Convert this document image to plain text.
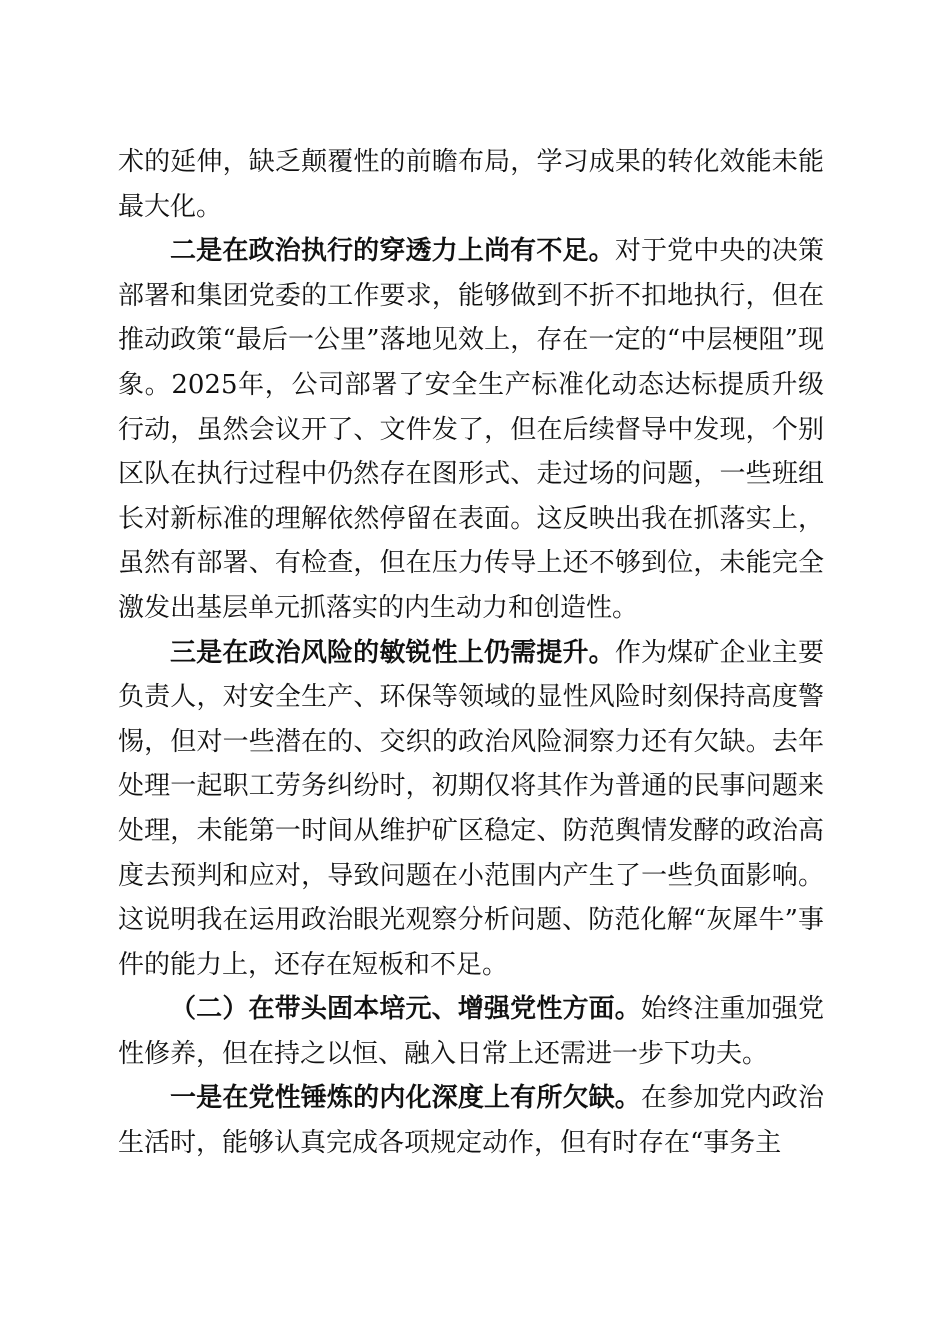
术的延伸，缺乏颠覆性的前瞻布局，学习成果的转化效能未能最大化。

二是在政治执行的穿透力上尚有不足。对于党中央的决策部署和集团党委的工作要求，能够做到不折不扣地执行，但在推动政策“最后一公里”落地见效上，存在一定的“中层梗阻”现象。2025年，公司部署了安全生产标准化动态达标提质升级行动，虽然会议开了、文件发了，但在后续督导中发现，个别区队在执行过程中仍然存在图形式、走过场的问题，一些班组长对新标准的理解依然停留在表面。这反映出我在抓落实上，虽然有部署、有检查，但在压力传导上还不够到位，未能完全激发出基层单元抓落实的内生动力和创造性。

三是在政治风险的敏锐性上仍需提升。作为煤矿企业主要负责人，对安全生产、环保等领域的显性风险时刻保持高度警惕，但对一些潜在的、交织的政治风险洞察力还有欠缺。去年处理一起职工劳务纠纷时，初期仅将其作为普通的民事问题来处理，未能第一时间从维护矿区稳定、防范舆情发酵的政治高度去预判和应对，导致问题在小范围内产生了一些负面影响。这说明我在运用政治眼光观察分析问题、防范化解“灰犀牛”事件的能力上，还存在短板和不足。

（二）在带头固本培元、增强党性方面。始终注重加强党性修养，但在持之以恒、融入日常上还需进一步下功夫。

一是在党性锤炼的内化深度上有所欠缺。在参加党内政治生活时，能够认真完成各项规定动作，但有时存在“事务主
